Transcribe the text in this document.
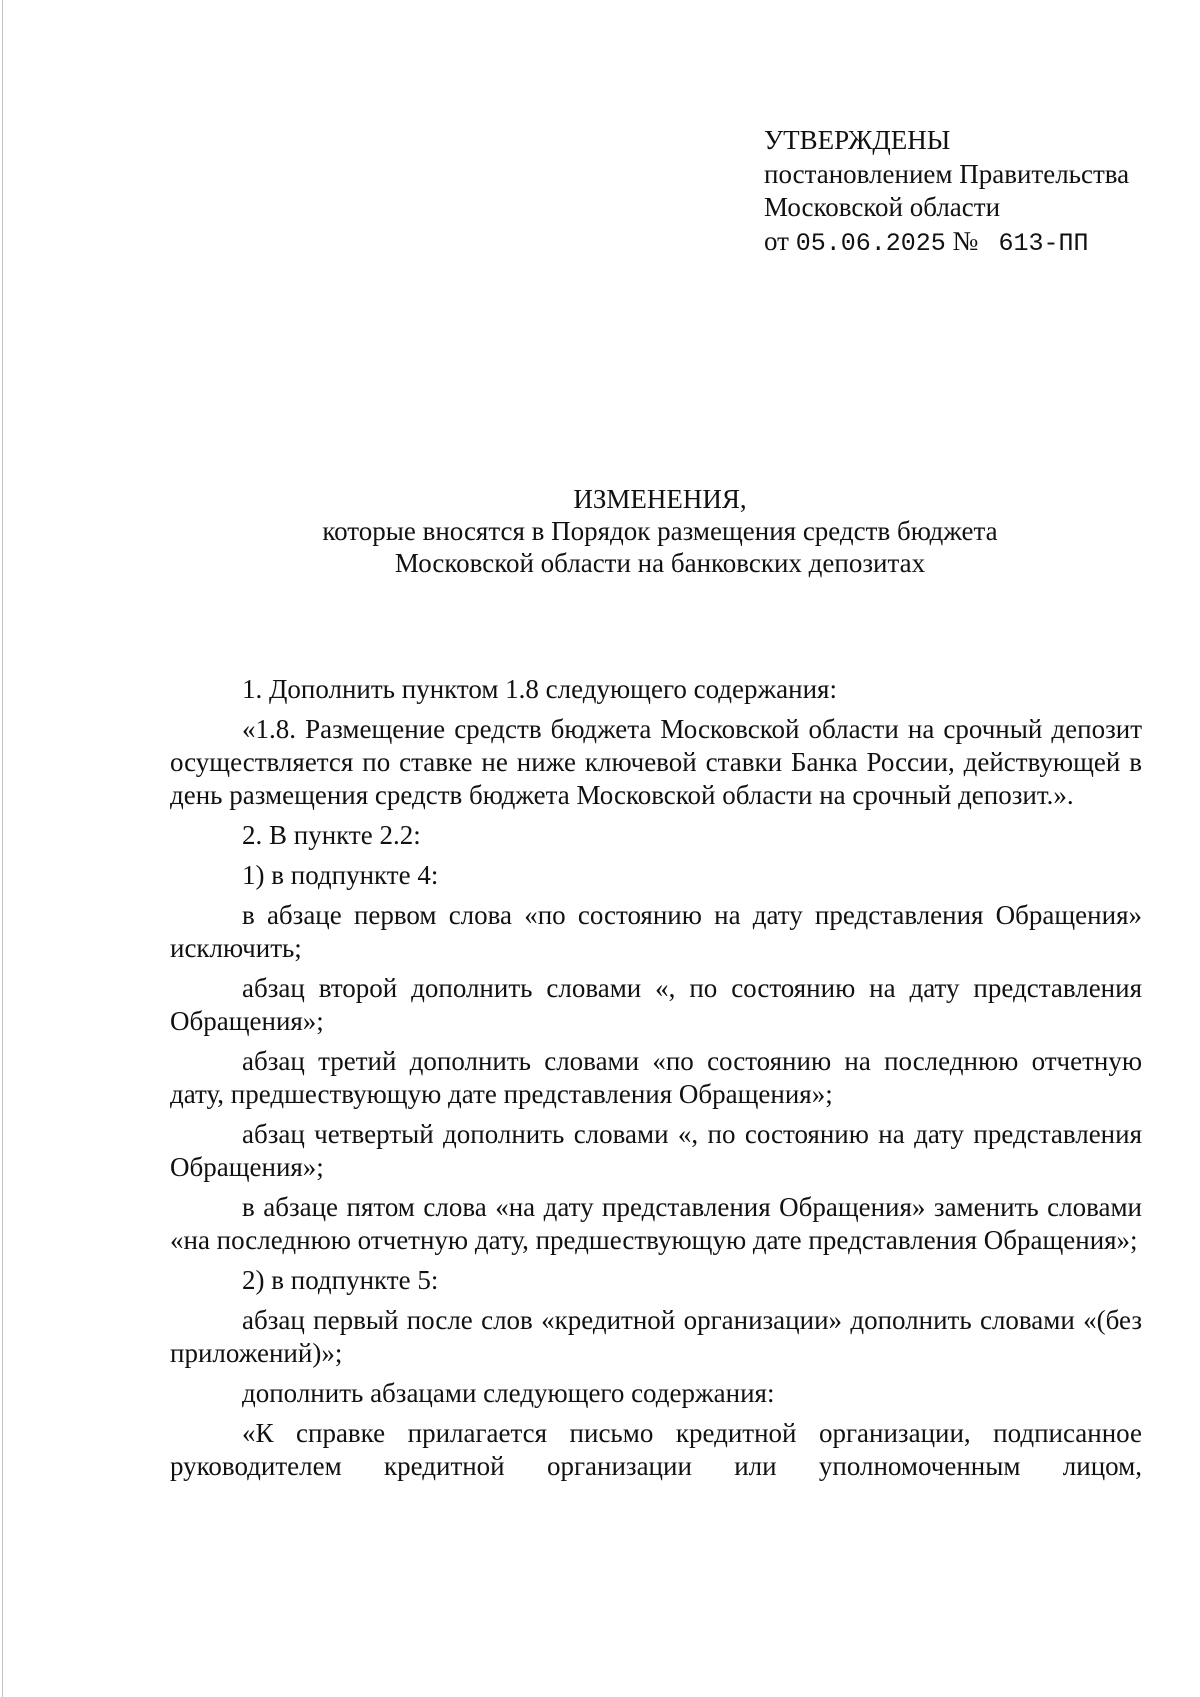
УТВЕРЖДЕНЫ
постановлением Правительства
Московской области
от 05.06.2025 № 613-ПП
ИЗМЕНЕНИЯ,
которые вносятся в Порядок размещения средств бюджета
Московской области на банковских депозитах

1. Дополнить пунктом 1.8 следующего содержания:

«1.8. Размещение средств бюджета Московской области на срочный депозит осуществляется по ставке не ниже ключевой ставки Банка России, действующей в день размещения средств бюджета Московской области на срочный депозит.».

2. В пункте 2.2:

1) в подпункте 4:

в абзаце первом слова «по состоянию на дату представления Обращения» исключить;

абзац второй дополнить словами «, по состоянию на дату представления Обращения»;

абзац третий дополнить словами «по состоянию на последнюю отчетную дату, предшествующую дате представления Обращения»;

абзац четвертый дополнить словами «, по состоянию на дату представления Обращения»;

в абзаце пятом слова «на дату представления Обращения» заменить словами «на последнюю отчетную дату, предшествующую дате представления Обращения»;

2) в подпункте 5:

абзац первый после слов «кредитной организации» дополнить словами «(без приложений)»;

дополнить абзацами следующего содержания:

«К справке прилагается письмо кредитной организации, подписанное руководителем кредитной организации или уполномоченным лицом,
